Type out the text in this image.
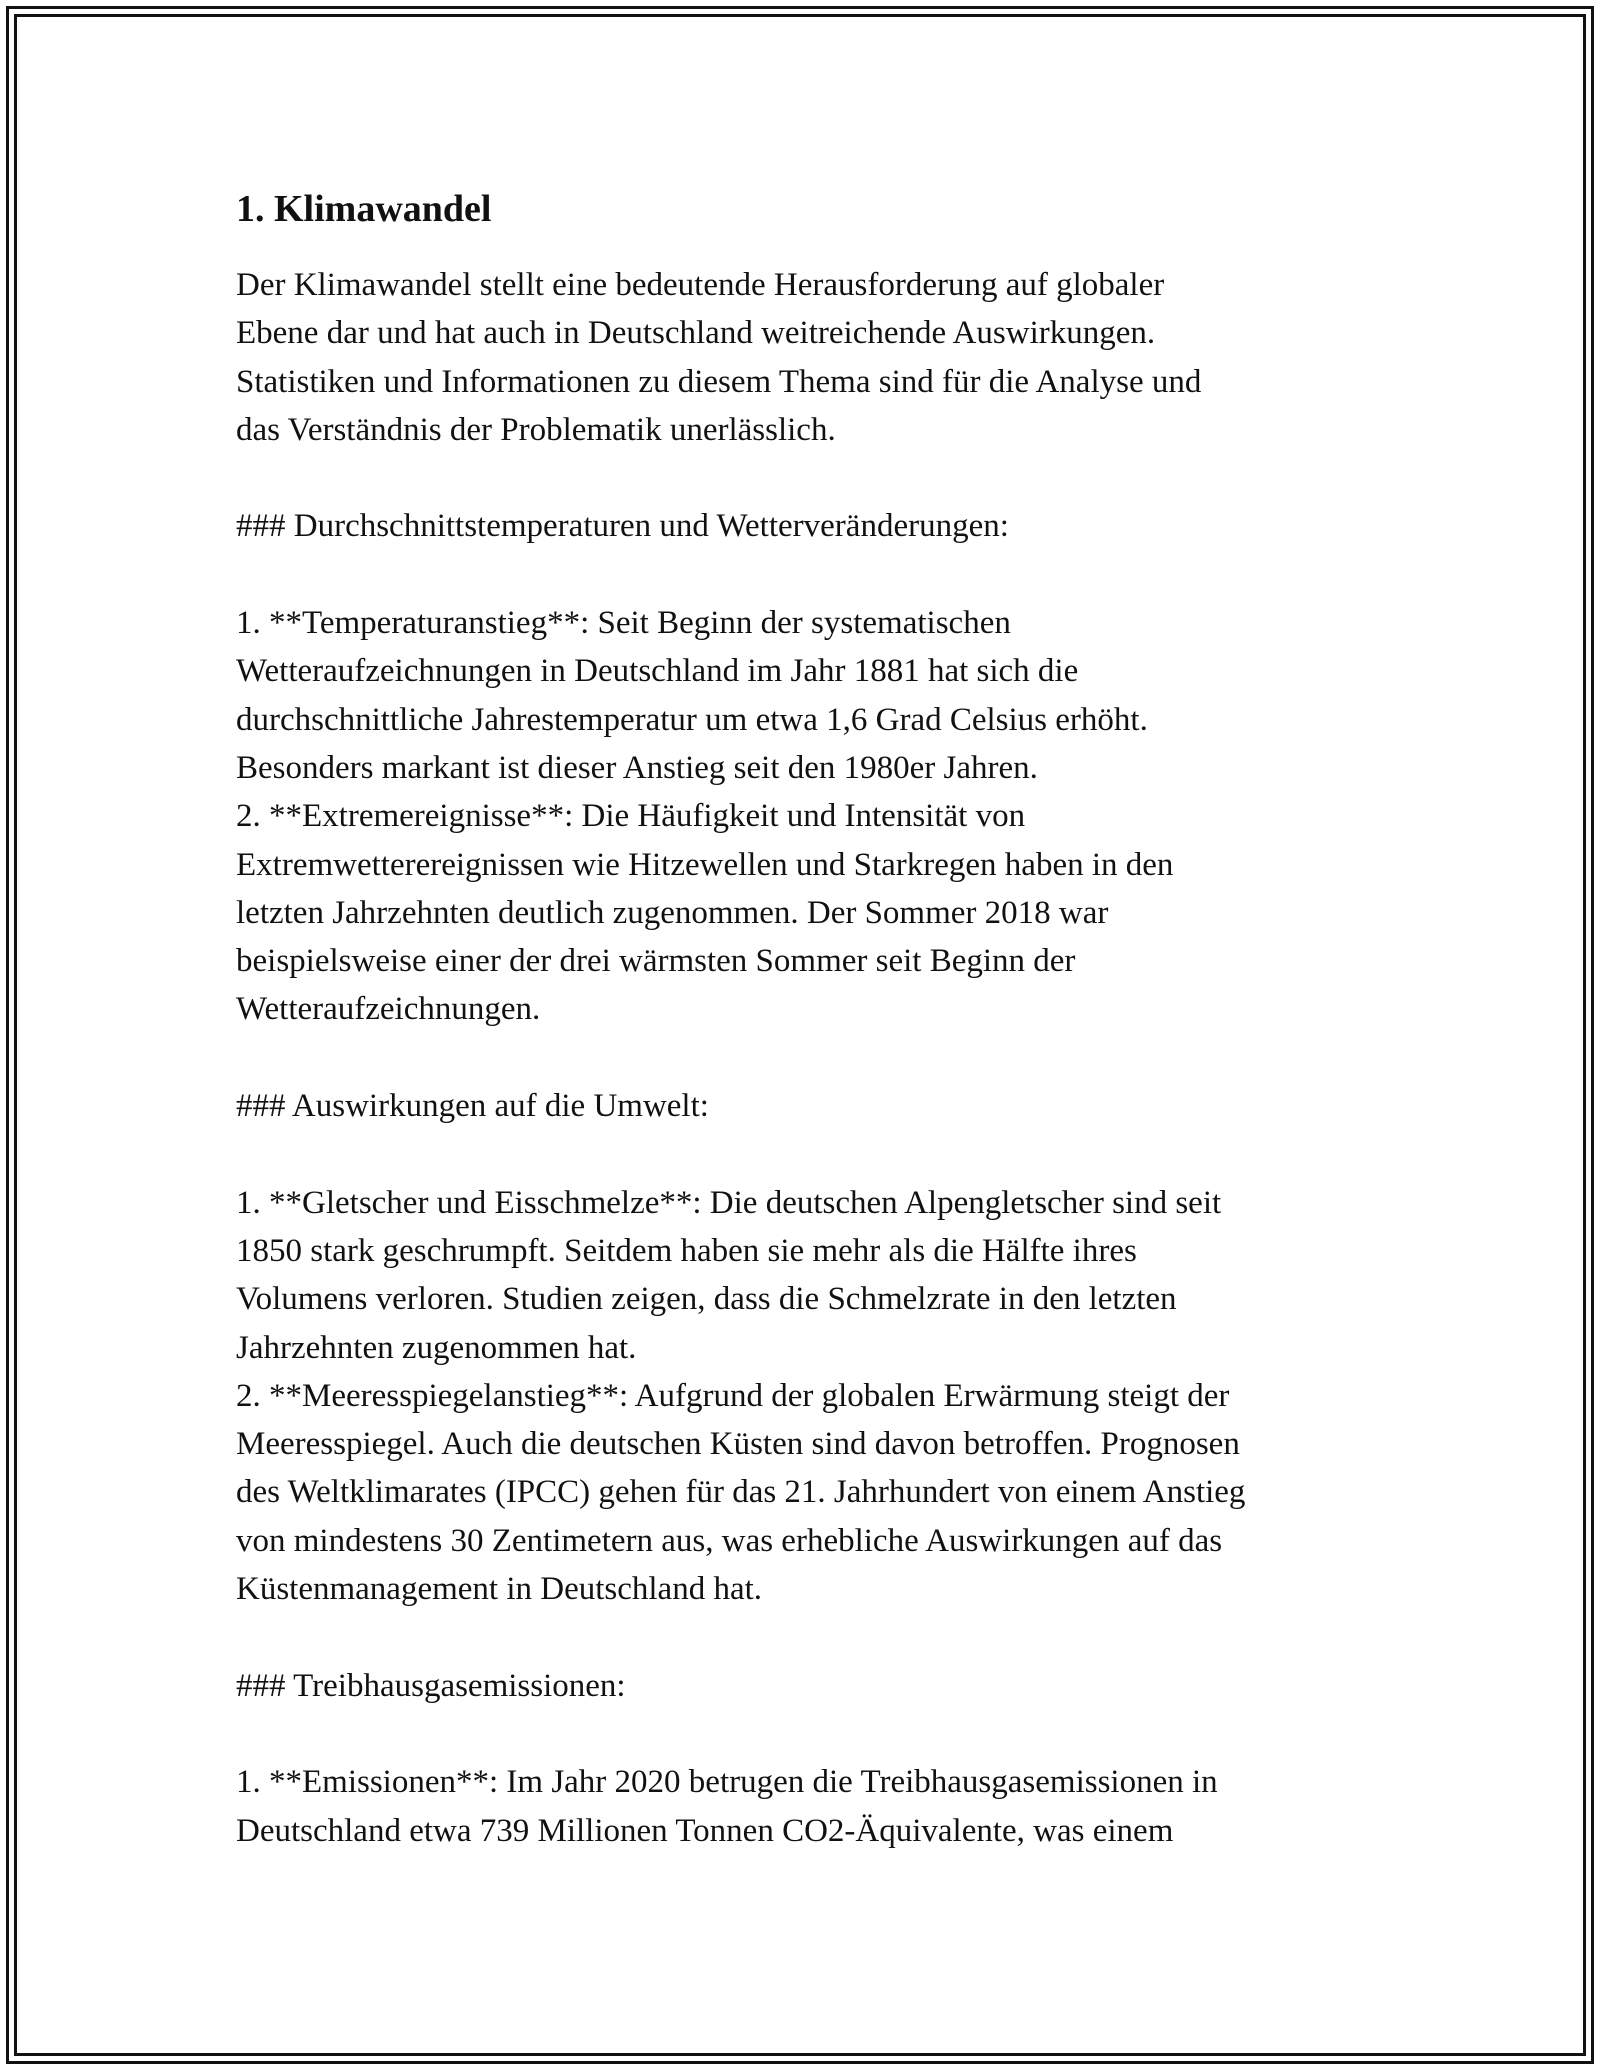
1. Klimawandel

Der Klimawandel stellt eine bedeutende Herausforderung auf globaler
Ebene dar und hat auch in Deutschland weitreichende Auswirkungen.
Statistiken und Informationen zu diesem Thema sind für die Analyse und
das Verständnis der Problematik unerlässlich.

### Durchschnittstemperaturen und Wetterveränderungen:

1. **Temperaturanstieg**: Seit Beginn der systematischen
Wetteraufzeichnungen in Deutschland im Jahr 1881 hat sich die
durchschnittliche Jahrestemperatur um etwa 1,6 Grad Celsius erhöht.
Besonders markant ist dieser Anstieg seit den 1980er Jahren.

2. **Extremereignisse**: Die Häufigkeit und Intensität von
Extremwetterereignissen wie Hitzewellen und Starkregen haben in den
letzten Jahrzehnten deutlich zugenommen. Der Sommer 2018 war
beispielsweise einer der drei wärmsten Sommer seit Beginn der
Wetteraufzeichnungen.

### Auswirkungen auf die Umwelt:

1. **Gletscher und Eisschmelze**: Die deutschen Alpengletscher sind seit
1850 stark geschrumpft. Seitdem haben sie mehr als die Hälfte ihres
Volumens verloren. Studien zeigen, dass die Schmelzrate in den letzten
Jahrzehnten zugenommen hat.

2. **Meeresspiegelanstieg**: Aufgrund der globalen Erwärmung steigt der
Meeresspiegel. Auch die deutschen Küsten sind davon betroffen. Prognosen
des Weltklimarates (IPCC) gehen für das 21. Jahrhundert von einem Anstieg
von mindestens 30 Zentimetern aus, was erhebliche Auswirkungen auf das
Küstenmanagement in Deutschland hat.

### Treibhausgasemissionen:

1. **Emissionen**: Im Jahr 2020 betrugen die Treibhausgasemissionen in
Deutschland etwa 739 Millionen Tonnen CO2-Äquivalente, was einem
